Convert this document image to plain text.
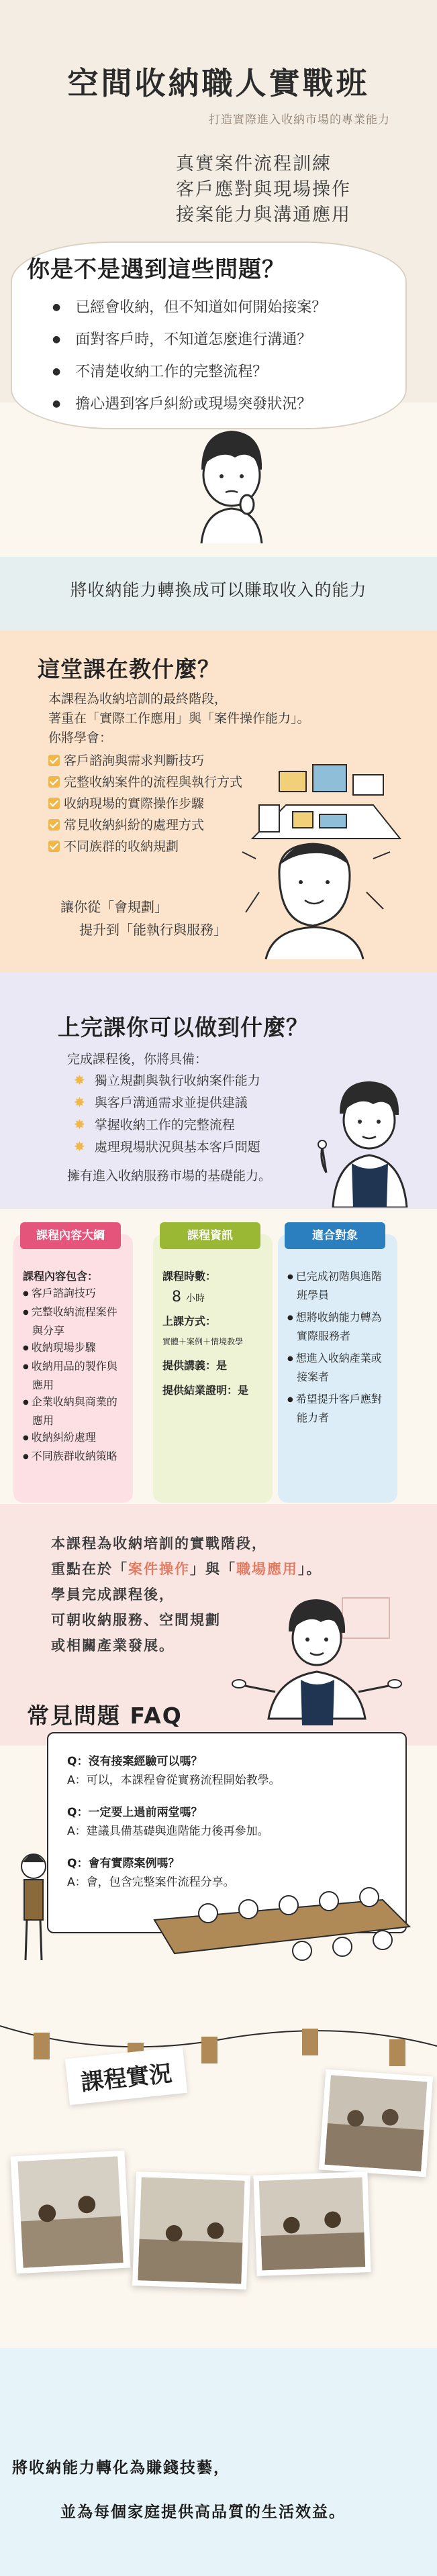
空間收納職人實戰班
打造實際進入收納市場的專業能力
真實案件流程訓練
客戶應對與現場操作
接案能力與溝通應用
你是不是遇到這些問題？
● 已經會收納，但不知道如何開始接案？
● 面對客戶時，不知道怎麼進行溝通？
● 不清楚收納工作的完整流程？
● 擔心遇到客戶糾紛或現場突發狀況？
將收納能力轉換成可以賺取收入的能力
這堂課在教什麼？
本課程為收納培訓的最終階段，
著重在「實際工作應用」與「案件操作能力」。
你將學會：
客戶諮詢與需求判斷技巧
完整收納案件的流程與執行方式
收納現場的實際操作步驟
常見收納糾紛的處理方式
不同族群的收納規劃
讓你從「會規劃」
提升到「能執行與服務」
上完課你可以做到什麼？
完成課程後，你將具備：
✸ 獨立規劃與執行收納案件能力
✸ 與客戶溝通需求並提供建議
✸ 掌握收納工作的完整流程
✸ 處理現場狀況與基本客戶問題
擁有進入收納服務市場的基礎能力。
課程內容大綱
課程內容包含：
● 客戶諮詢技巧
● 完整收納流程案件與分享
● 收納現場步驟
● 收納用品的製作與應用
● 企業收納與商業的應用
● 收納糾紛處理
● 不同族群收納策略
課程資訊
課程時數：
8 小時
上課方式：
實體＋案例＋情境教學
提供講義：是
提供結業證明：是
適合對象
● 已完成初階與進階班學員
● 想將收納能力轉為實際服務者
● 想進入收納產業或接案者
● 希望提升客戶應對能力者
本課程為收納培訓的實戰階段，
重點在於「案件操作」與「職場應用」。
學員完成課程後，
可朝收納服務、空間規劃
或相關產業發展。
常見問題 FAQ
Q：沒有接案經驗可以嗎？
A：可以，本課程會從實務流程開始教學。
Q：一定要上過前兩堂嗎？
A：建議具備基礎與進階能力後再參加。
Q：會有實際案例嗎？
A：會，包含完整案件流程分享。
課程實況
將收納能力轉化為賺錢技藝，
並為每個家庭提供高品質的生活效益。
